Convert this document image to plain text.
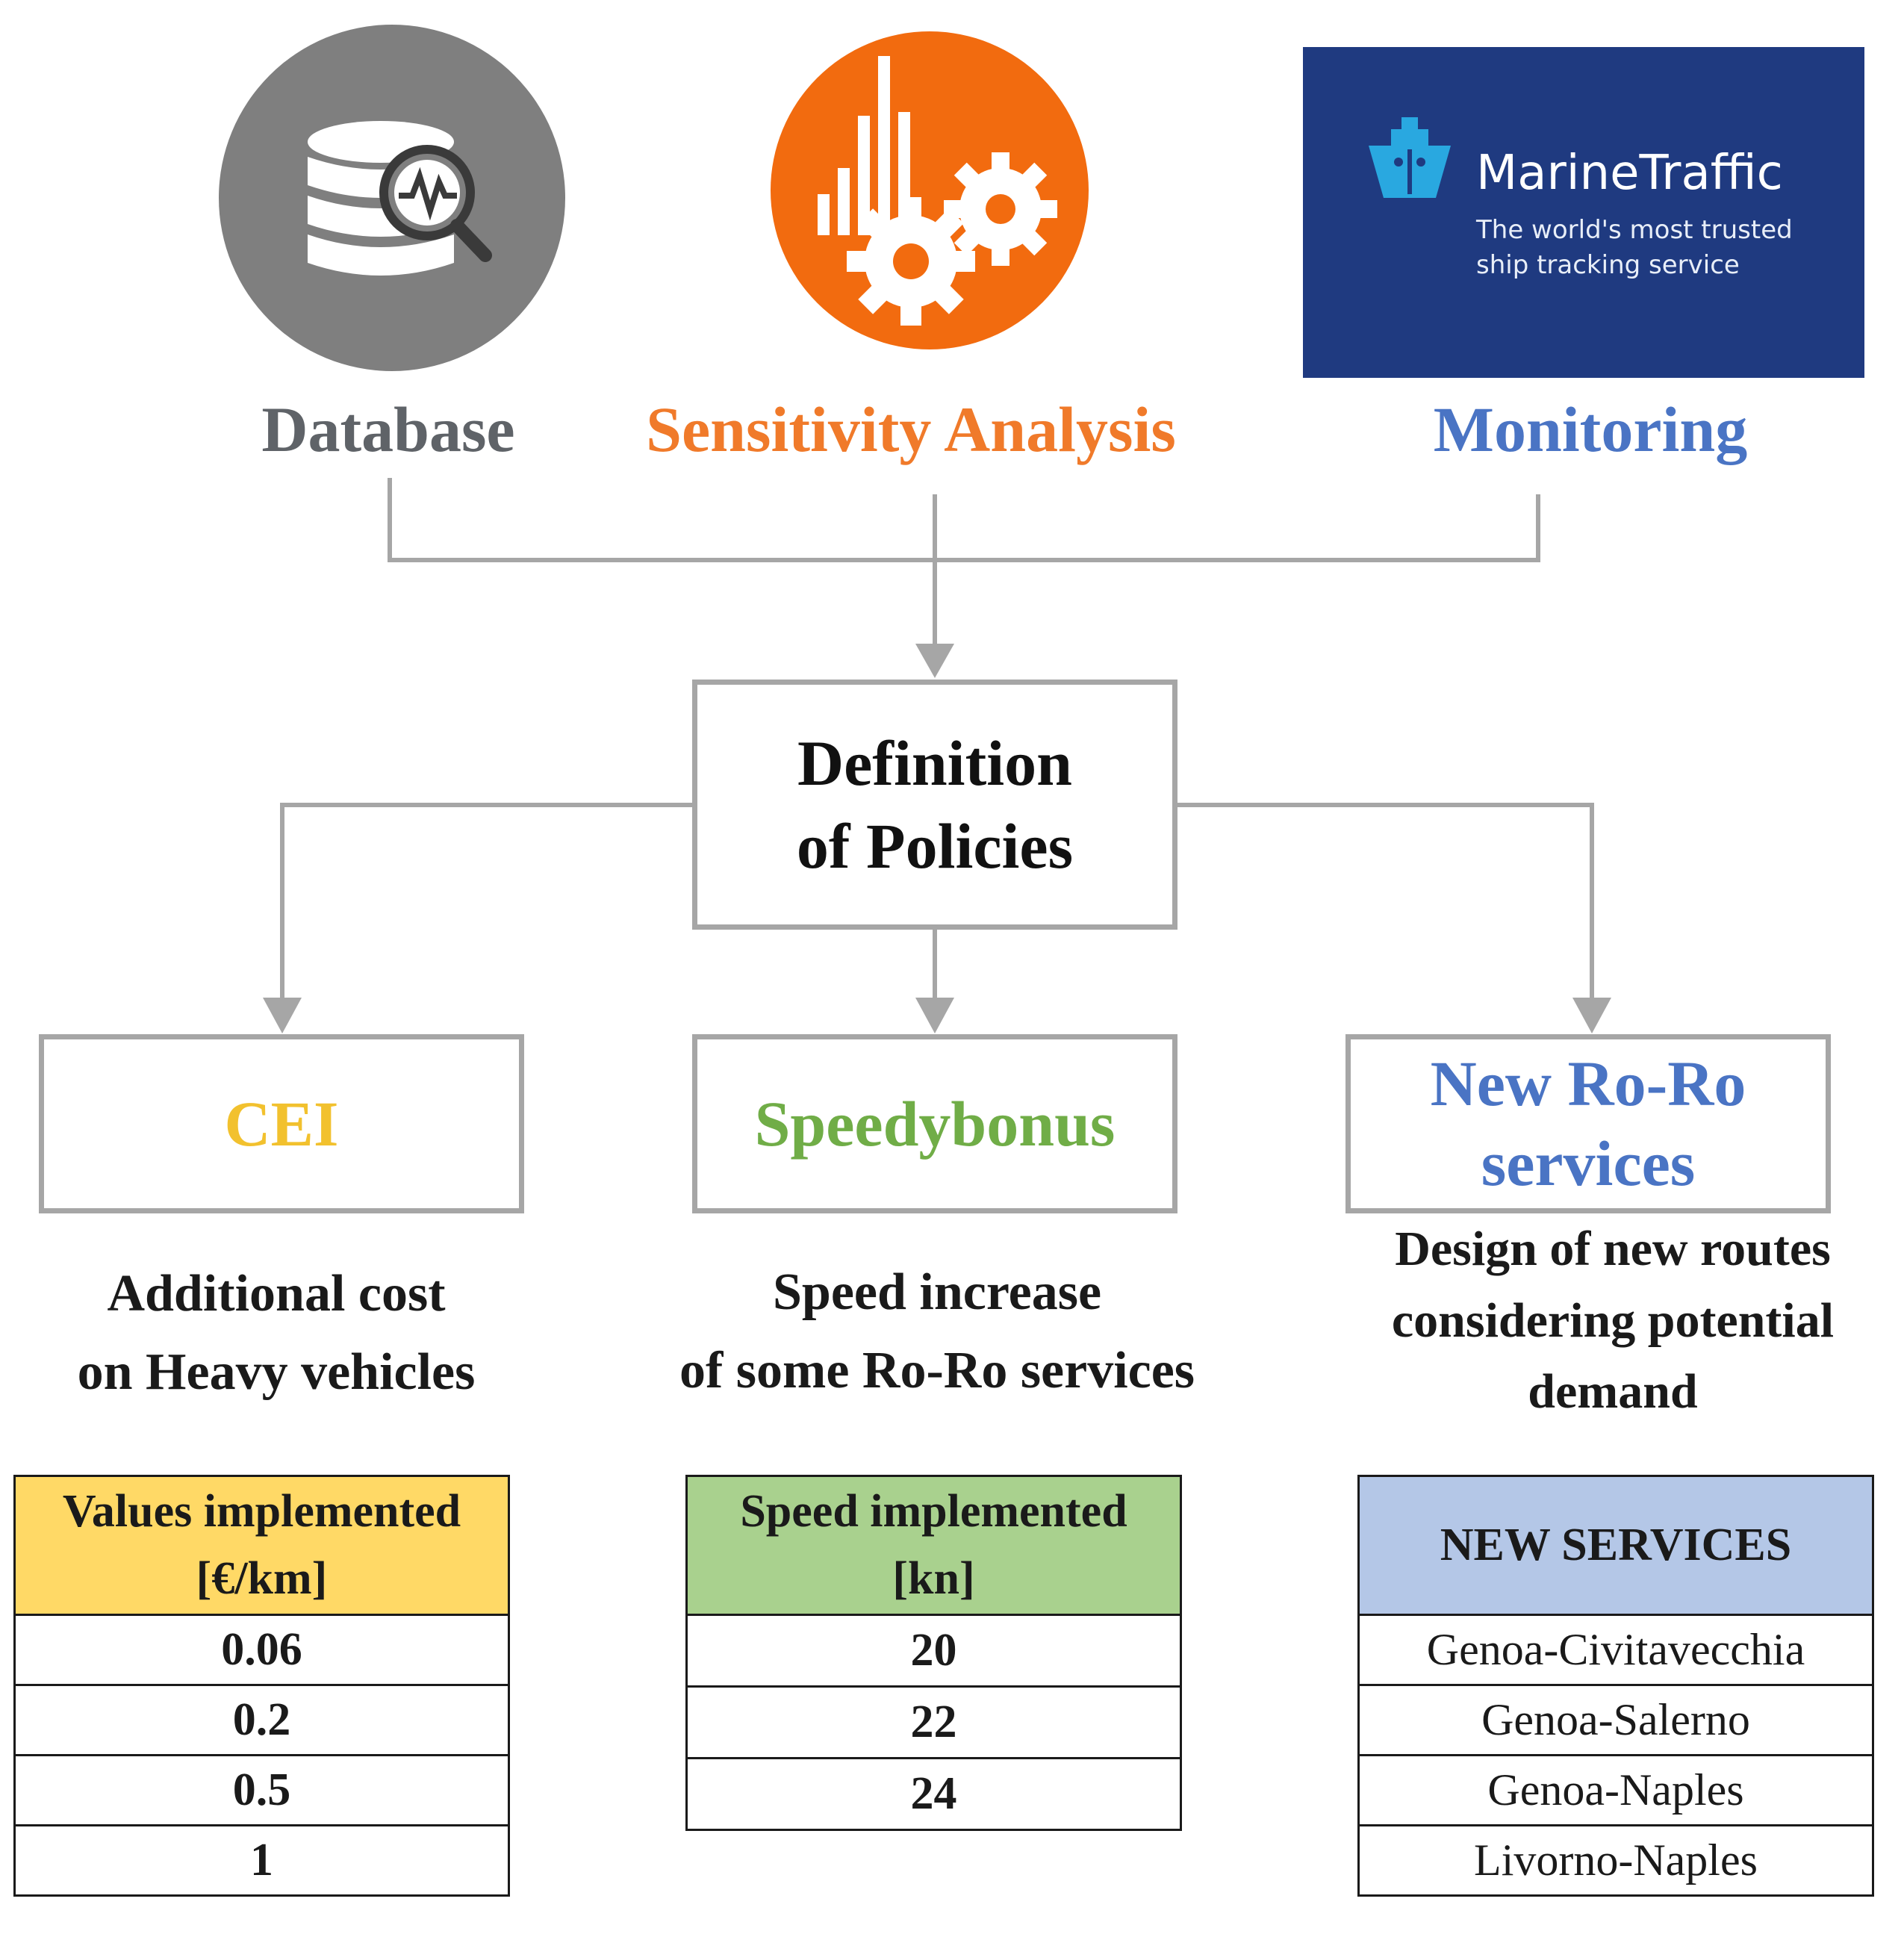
MarineTraffic
The world's most trusted
ship tracking service
Database	Sensitivity Analysis	Monitoring
Definition
of Policies
CEI	Speedybonus
New Ro-Ro
services
Additional cost
on Heavy vehicles
Speed increase
of some Ro-Ro services
Design of new routes
considering potential
demand
Values implemented
[€/km]

0.06
0.2
0.5
1
Speed implemented
[kn]

20
22
24
NEW SERVICES
Genoa-Civitavecchia
Genoa-Salerno
Genoa-Naples
Livorno-Naples
